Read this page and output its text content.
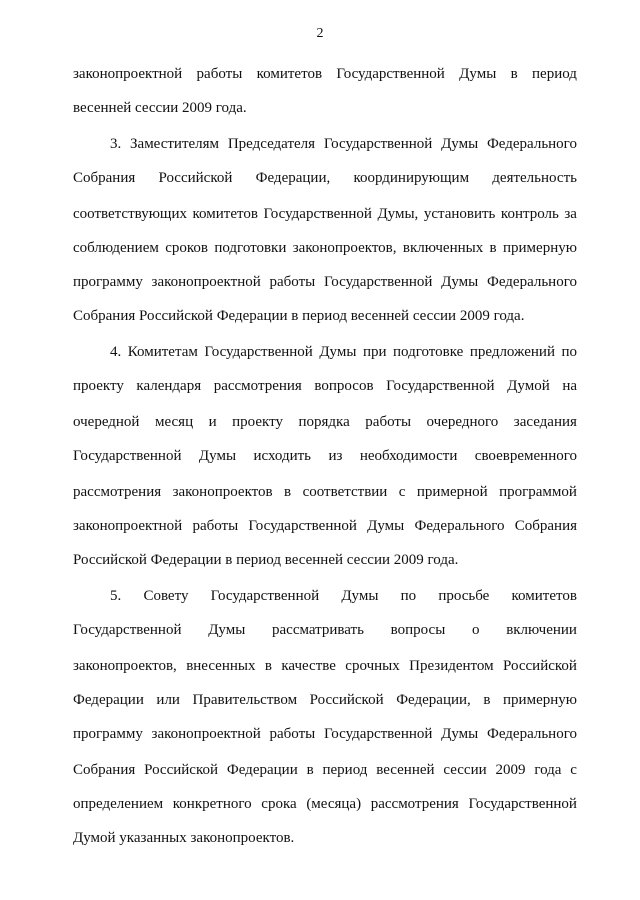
2
законопроектной работы комитетов Государственной Думы в период
весенней сессии 2009 года.
3. Заместителям Председателя Государственной Думы Федерального
Собрания Российской Федерации, координирующим деятельность
соответствующих комитетов Государственной Думы, установить контроль за
соблюдением сроков подготовки законопроектов, включенных в примерную
программу законопроектной работы Государственной Думы Федерального
Собрания Российской Федерации в период весенней сессии 2009 года.
4. Комитетам Государственной Думы при подготовке предложений по
проекту календаря рассмотрения вопросов Государственной Думой на
очередной месяц и проекту порядка работы очередного заседания
Государственной Думы исходить из необходимости своевременного
рассмотрения законопроектов в соответствии с примерной программой
законопроектной работы Государственной Думы Федерального Собрания
Российской Федерации в период весенней сессии 2009 года.
5. Совету Государственной Думы по просьбе комитетов
Государственной Думы рассматривать вопросы о включении
законопроектов, внесенных в качестве срочных Президентом Российской
Федерации или Правительством Российской Федерации, в примерную
программу законопроектной работы Государственной Думы Федерального
Собрания Российской Федерации в период весенней сессии 2009 года с
определением конкретного срока (месяца) рассмотрения Государственной
Думой указанных законопроектов.
